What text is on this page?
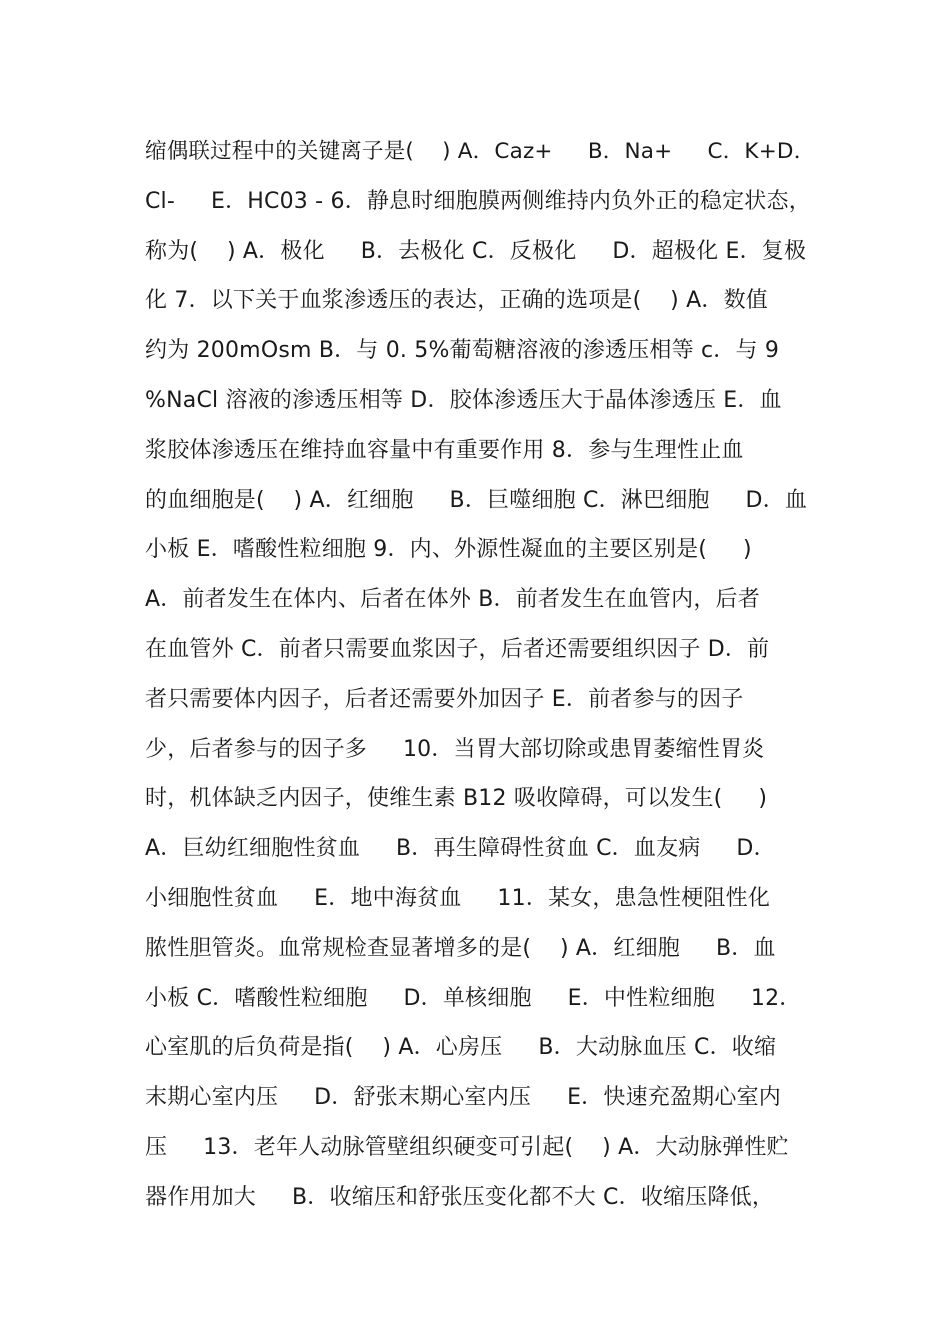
缩偶联过程中的关键离子是(    ) A．Caz+     B．Na+     C．K+D．
Cl-     E．HC03 - 6．静息时细胞膜两侧维持内负外正的稳定状态，
称为(    ) A．极化     B．去极化 C．反极化     D．超极化 E．复极
化 7．以下关于血浆渗透压的表达，正确的选项是(    ) A．数值
约为 200mOsm B．与 0. 5%葡萄糖溶液的渗透压相等 c．与 9
%NaCl 溶液的渗透压相等 D．胶体渗透压大于晶体渗透压 E．血
浆胶体渗透压在维持血容量中有重要作用 8．参与生理性止血
的血细胞是(    ) A．红细胞     B．巨噬细胞 C．淋巴细胞     D．血
小板 E．嗜酸性粒细胞 9．内、外源性凝血的主要区别是(     )
A．前者发生在体内、后者在体外 B．前者发生在血管内，后者
在血管外 C．前者只需要血浆因子，后者还需要组织因子 D．前
者只需要体内因子，后者还需要外加因子 E．前者参与的因子
少，后者参与的因子多     10．当胃大部切除或患胃萎缩性胃炎
时，机体缺乏内因子，使维生素 B12 吸收障碍，可以发生(     )
A．巨幼红细胞性贫血     B．再生障碍性贫血 C．血友病     D．
小细胞性贫血     E．地中海贫血     11．某女，患急性梗阻性化
脓性胆管炎。血常规检查显著增多的是(    ) A．红细胞     B．血
小板 C．嗜酸性粒细胞     D．单核细胞     E．中性粒细胞     12．
心室肌的后负荷是指(    ) A．心房压     B．大动脉血压 C．收缩
末期心室内压     D．舒张末期心室内压     E．快速充盈期心室内
压     13．老年人动脉管壁组织硬变可引起(    ) A．大动脉弹性贮
器作用加大     B．收缩压和舒张压变化都不大 C．收缩压降低，
